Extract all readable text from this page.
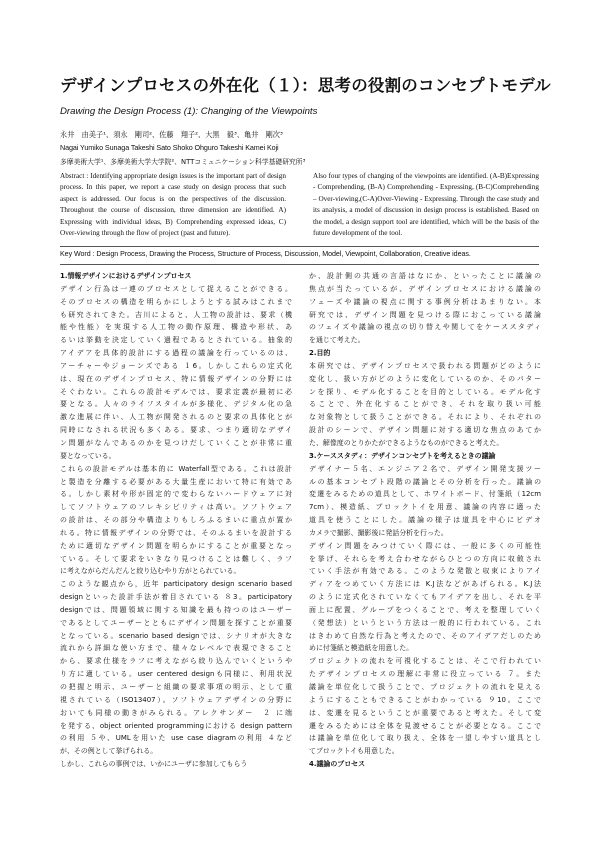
デザインプロセスの外在化（１）：思考の役割のコンセプトモデル
Drawing the Design Process (1): Changing of the Viewpoints
永井　由美子¹、須永　剛司²、佐藤　翔子²、大黒　毅³、亀井　剛次³
Nagai Yumiko Sunaga Takeshi Sato Shoko Ohguro Takeshi Kamei Koji
多摩美術大学¹、多摩美術大学大学院²、NTTコミュニケーション科学基礎研究所³
Abstract : Identifying appropriate design issues is the important part of design process. In this paper, we report a case study on design process that such aspect is addressed. Our focus is on the perspectives of the discussion. Throughout the course of discussion, three dimension are identified. A) Expressing with individual ideas, B) Comprehending expressed ideas, C) Over-viewing through the flow of project (past and future).
Also four types of changing of the viewpoints are identified. (A-B)Expressing - Comprehending, (B-A) Comprehending - Expressing, (B-C)Comprehending – Over-viewing,(C-A)Over-Viewing - Expressing. Through the case study and its analysis, a model of discussion in design process is established. Based on the model, a design support tool are identified, which will be the basis of the future development of the tool.
Key Word : Design Process, Drawing the Process, Structure of Process, Discussion, Model, Viewpoint, Collaboration, Creative ideas.
1.情報デザインにおけるデザインプロセス
デザイン行為は一連のプロセスとして捉えることができる。
そのプロセスの構造を明らかにしようとする試みはこれまで
も研究されてきた。吉川によると、人工物の設計は、要求（機
能や性能）を実現する人工物の動作原理、構造や形状、あ
るいは挙動を決定していく過程であるとされている。抽象的
アイデアを具体的設計にする過程の議論を行っているのは、
アーチャーやジョーンズである １6。しかしこれらの定式化
は、現在のデザインプロセス、特に情報デザインの分野には
そぐわない。これらの設計モデルでは、要求定義が最初に必
要となる。人々のライフスタイルが多様化、デジタル化の急
激な進展に伴い、人工物が開発されるのと要求の具体化とが
同時になされる状況も多くある。要求、つまり適切なデザイ
ン問題がなんであるのかを見つけだしていくことが非常に重
要となっている。
これらの設計モデルは基本的に Waterfall型である。これは設計
と製造を分離する必要がある大量生産において特に有効であ
る。しかし素材や形が固定的で変わらないハードウェアに対
してソフトウェアのフレキシビリティは高い。ソフトウェア
の設計は、その部分や構造よりもしろふるまいに重点が置か
れる。特に情報デザインの分野では、そのふるまいを設計する
ために適切なデザイン問題を明らかにすることが重要となっ
ている。そして要求をいきなり見つけることは難しく、ラフ
に考えながらだんだんと絞り込むやり方がとられている。
このような観点から，近年 participatory design scenario based
designといった設計手法が着目されている ８3。participatory
designでは、問題領域に関する知識を最も持つのはユーザー
であるとしてユーザーとともにデザイン問題を探すことが重要
となっている。scenario based designでは、シナリオが大きな
流れから詳細な使い方まで、様々なレベルで表現できること
から、要求仕様をラフに考えながら絞り込んでいくというや
り方に適している。user centered designも同様に、利用状況
の把握と明示、ユーザーと組織の要求事項の明示、として重
視されている（ISO13407）。ソフトウェアデザインの分野に
おいても同様の動きがみられる。アレクサンダー　２ に端
を発する、object oriented programmingにおける design pattern
の利用 ５や、UMLを用いた use case diagramの利用 ４など
が、その例として挙げられる。
しかし、これらの事例では、いかにユーザに参加してもらう
か、設計側の共通の言語はなにか、といったことに議論の
焦点が当たっているが、デザインプロセスにおける議論の
フェーズや議論の視点に関する事例分析はあまりない。本
研究では、デザイン問題を見つける際におこっている議論
のフェイズや議論の視点の切り替えや関してをケーススタディ
を通じて考えた。
2.目的
本研究では、デザインプロセスで扱われる問題がどのように
変化し、扱い方がどのように変化しているのか、そのパター
ンを探り、モデル化することを目的としている。モデル化す
ることで、外在化することができ、それを取り扱い可能
な対象物として扱うことができる。それにより、それぞれの
設計のシーンで、デザイン問題に対する適切な焦点のあてか
た、解像度のとりかたができるようなものができると考えた。
3.ケーススタディ：デザインコンセプトを考えるときの議論
デザイナー５名、エンジニア２名で、デザイン開発支援ツー
ルの基本コンセプト段階の議論とその分析を行った。議論の
変遷をみるための道具として、ホワイトボード、付箋紙（12cm
7cm）、模造紙、ブロックトイを用意、議論の内容に適った
道具を使うことにした。議論の様子は道具を中心にビデオ
カメラで撮影、撮影後に発話分析を行った。
デザイン問題をみつけていく際には、一般に多くの可能性
を挙げ、それらを考え合わせながらひとつの方向に収斂され
ていく手法が有効である。このような発散と収束によりアイ
ディアをつめていく方法には K.J法などがあげられる。K.J法
のように定式化されていなくてもアイデアを出し、それを平
面上に配置、グループをつくることで、考えを整理していく
（発想法）というという方法は一般的に行われている。これ
はきわめて自然な行為と考えたので、そのアイデアだしのため
めに付箋紙と模造紙を用意した。
プロジェクトの流れを可視化することは、そこで行われてい
たデザインプロセスの理解に非常に役立っている ７。また
議論を単位化して扱うことで、プロジェクトの流れを見える
ようにすることもできることがわかっている ９10。ここで
は、変遷を見るということが重要であると考えた。そして変
遷をみるためには全体を見渡せることが必要となる。ここで
は議論を単位化して取り扱え、全体を一望しやすい道具とし
てブロックトイも用意した。
4.議論のプロセス
